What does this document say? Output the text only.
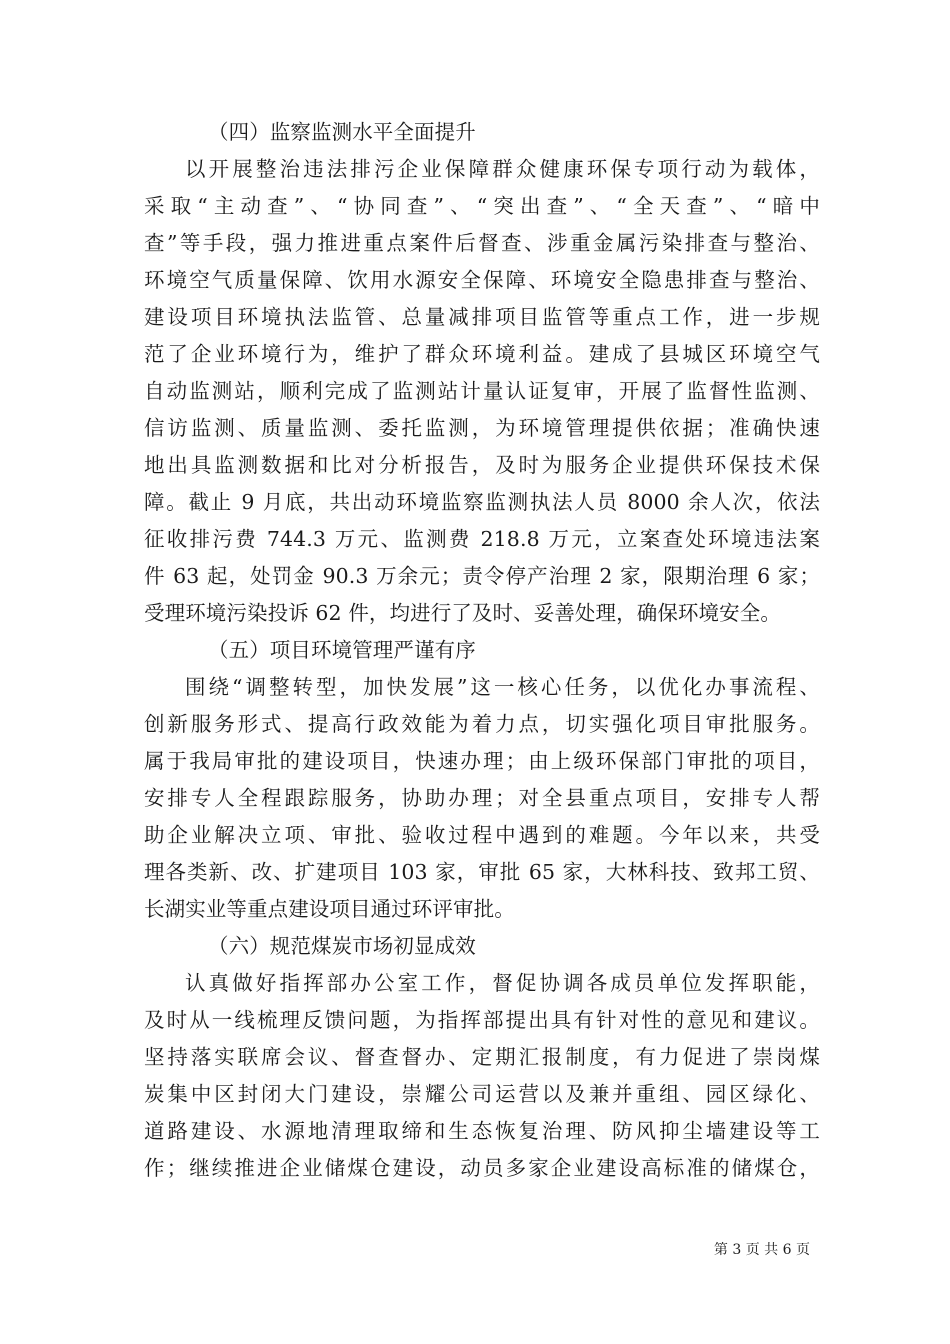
（四）监察监测水平全面提升
以开展整治违法排污企业保障群众健康环保专项行动为载体，
采取“主动查”、“协同查”、“突出查”、“全天查”、“暗中
查”等手段，强力推进重点案件后督查、涉重金属污染排查与整治、
环境空气质量保障、饮用水源安全保障、环境安全隐患排查与整治、
建设项目环境执法监管、总量减排项目监管等重点工作，进一步规
范了企业环境行为，维护了群众环境利益。建成了县城区环境空气
自动监测站，顺利完成了监测站计量认证复审，开展了监督性监测、
信访监测、质量监测、委托监测，为环境管理提供依据；准确快速
地出具监测数据和比对分析报告，及时为服务企业提供环保技术保
障。截止 9 月底，共出动环境监察监测执法人员 8000 余人次，依法
征收排污费 744.3 万元、监测费 218.8 万元，立案查处环境违法案
件 63 起，处罚金 90.3 万余元；责令停产治理 2 家，限期治理 6 家；
受理环境污染投诉 62 件，均进行了及时、妥善处理，确保环境安全。
（五）项目环境管理严谨有序
围绕“调整转型，加快发展”这一核心任务，以优化办事流程、
创新服务形式、提高行政效能为着力点，切实强化项目审批服务。
属于我局审批的建设项目，快速办理；由上级环保部门审批的项目，
安排专人全程跟踪服务，协助办理；对全县重点项目，安排专人帮
助企业解决立项、审批、验收过程中遇到的难题。今年以来，共受
理各类新、改、扩建项目 103 家，审批 65 家，大林科技、致邦工贸、
长湖实业等重点建设项目通过环评审批。
（六）规范煤炭市场初显成效
认真做好指挥部办公室工作，督促协调各成员单位发挥职能，
及时从一线梳理反馈问题，为指挥部提出具有针对性的意见和建议。
坚持落实联席会议、督查督办、定期汇报制度，有力促进了崇岗煤
炭集中区封闭大门建设，崇耀公司运营以及兼并重组、园区绿化、
道路建设、水源地清理取缔和生态恢复治理、防风抑尘墙建设等工
作；继续推进企业储煤仓建设，动员多家企业建设高标准的储煤仓，
第 3 页 共 6 页
